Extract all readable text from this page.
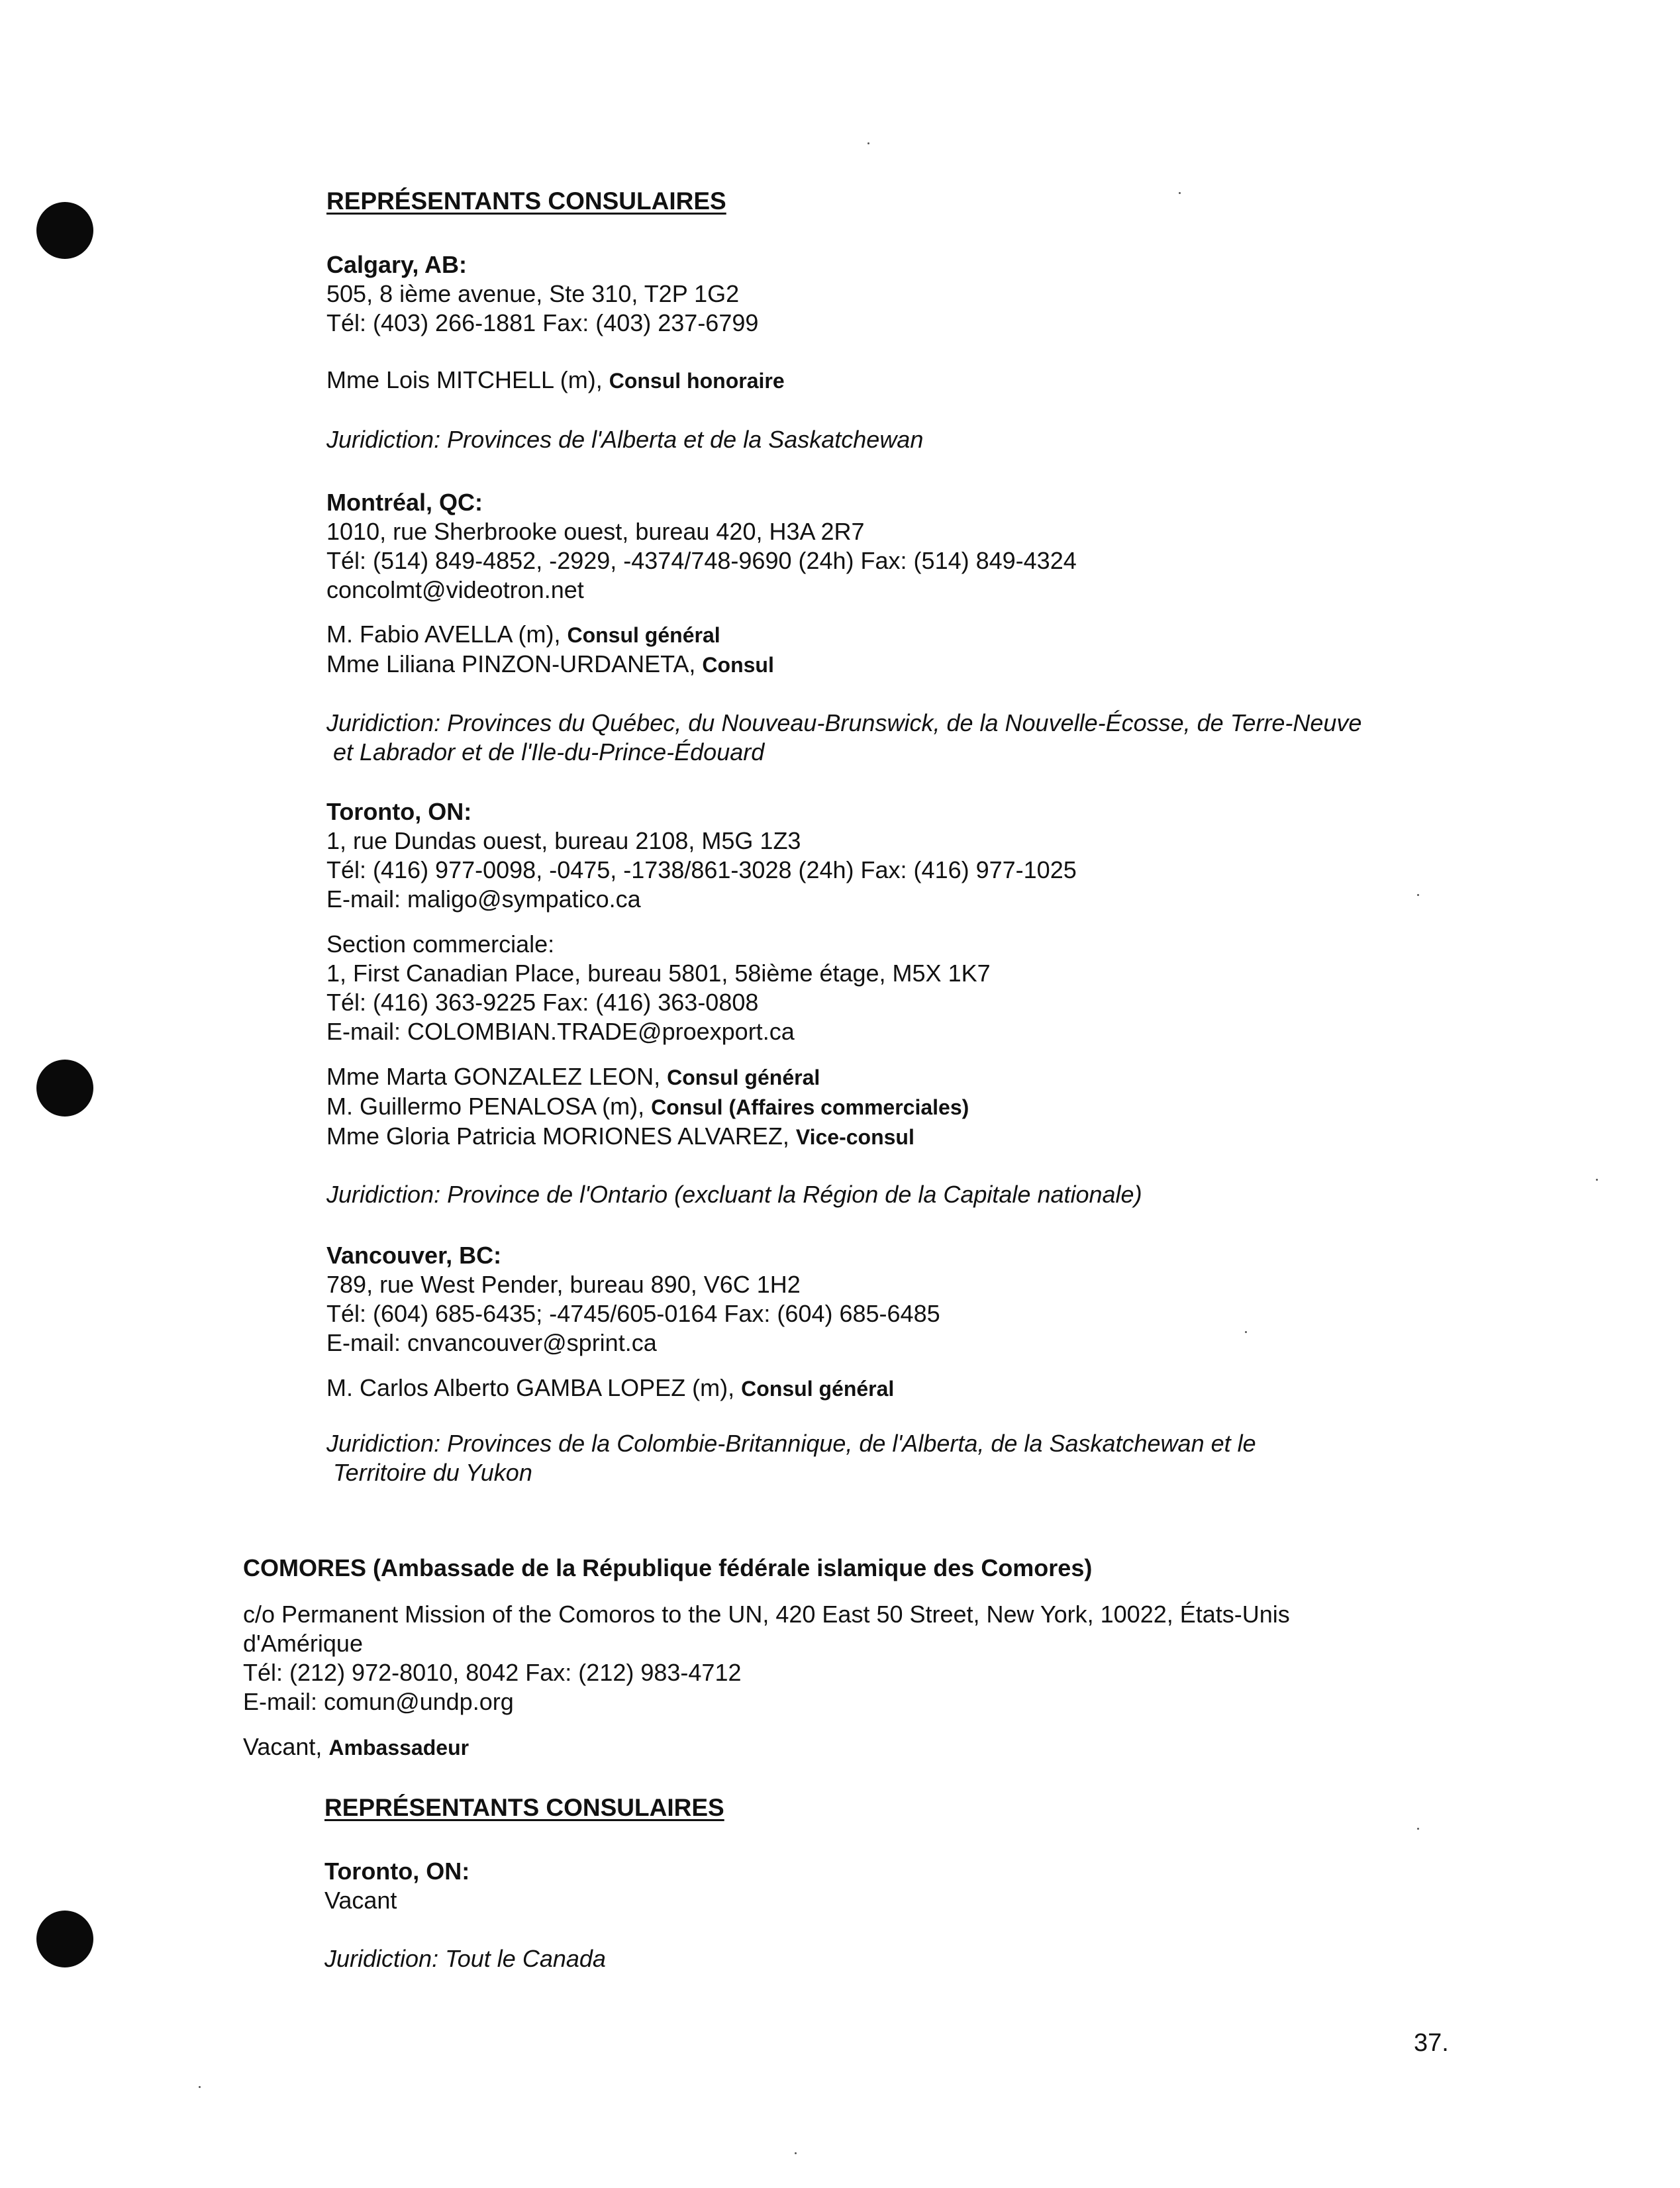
REPRÉSENTANTS CONSULAIRES
Calgary, AB:
505, 8 ième avenue, Ste 310, T2P 1G2
Tél: (403) 266-1881 Fax: (403) 237-6799
Mme Lois MITCHELL (m), Consul honoraire
Juridiction: Provinces de l'Alberta et de la Saskatchewan
Montréal, QC:
1010, rue Sherbrooke ouest, bureau 420, H3A 2R7
Tél: (514) 849-4852, -2929, -4374/748-9690 (24h) Fax: (514) 849-4324
concolmt@videotron.net
M. Fabio AVELLA (m), Consul général
Mme Liliana PINZON-URDANETA, Consul
Juridiction: Provinces du Québec, du Nouveau-Brunswick, de la Nouvelle-Écosse, de Terre-Neuve
et Labrador et de l'Ile-du-Prince-Édouard
Toronto, ON:
1, rue Dundas ouest, bureau 2108, M5G 1Z3
Tél: (416) 977-0098, -0475, -1738/861-3028 (24h) Fax: (416) 977-1025
E-mail: maligo@sympatico.ca
Section commerciale:
1, First Canadian Place, bureau 5801, 58ième étage, M5X 1K7
Tél: (416) 363-9225 Fax: (416) 363-0808
E-mail: COLOMBIAN.TRADE@proexport.ca
Mme Marta GONZALEZ LEON, Consul général
M. Guillermo PENALOSA (m), Consul (Affaires commerciales)
Mme Gloria Patricia MORIONES ALVAREZ, Vice-consul
Juridiction: Province de l'Ontario (excluant la Région de la Capitale nationale)
Vancouver, BC:
789, rue West Pender, bureau 890, V6C 1H2
Tél: (604) 685-6435; -4745/605-0164 Fax: (604) 685-6485
E-mail: cnvancouver@sprint.ca
M. Carlos Alberto GAMBA LOPEZ (m), Consul général
Juridiction: Provinces de la Colombie-Britannique, de l'Alberta, de la Saskatchewan et le
Territoire du Yukon
COMORES (Ambassade de la République fédérale islamique des Comores)
c/o Permanent Mission of the Comoros to the UN, 420 East 50 Street, New York, 10022, États-Unis
d'Amérique
Tél: (212) 972-8010, 8042 Fax: (212) 983-4712
E-mail: comun@undp.org
Vacant, Ambassadeur
REPRÉSENTANTS CONSULAIRES
Toronto, ON:
Vacant
Juridiction: Tout le Canada
37.
